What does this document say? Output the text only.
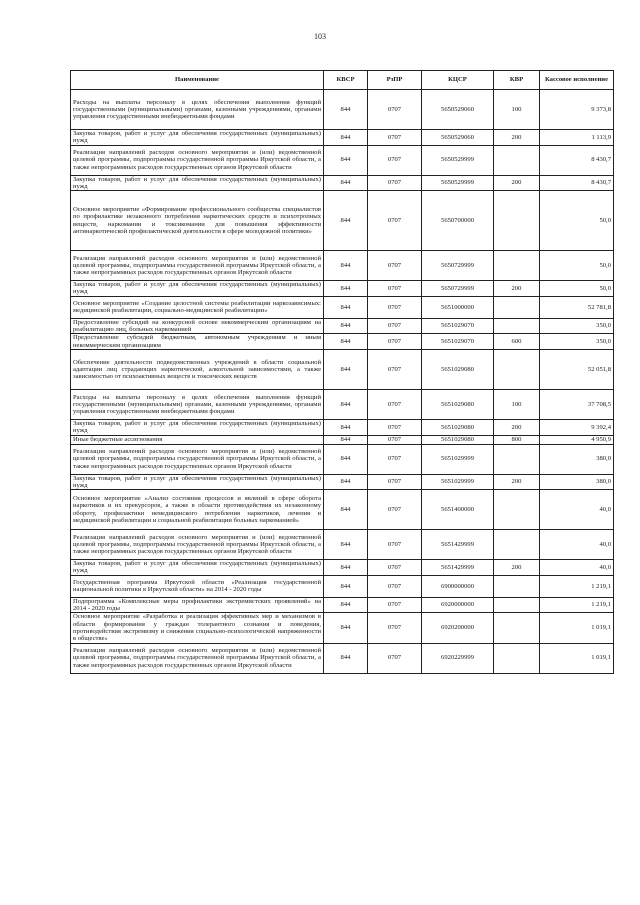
103
Наименование	КВСР	РзПР	КЦСР	КВР	Кассовое исполнение
Расходы на выплаты персоналу в целях обеспечения выполнения функций государственными (муниципальными) органами, казенными учреждениями, органами управления государственными внебюджетными фондами	844	0707	5650529060	100	9 373,8
Закупка товаров, работ и услуг для обеспечения государственных (муниципальных) нужд	844	0707	5650529060	200	1 113,9
Реализация направлений расходов основного мероприятия и (или) ведомственной целевой программы, подпрограммы государственной программы Иркутской области, а также непрограммных расходов государственных органов Иркутской области	844	0707	5650529999		8 430,7
Закупка товаров, работ и услуг для обеспечения государственных (муниципальных) нужд	844	0707	5650529999	200	8 430,7
Основное мероприятие «Формирование профессионального сообщества специалистов по профилактике незаконного потребления наркотических средств и психотропных веществ, наркомании и токсикомании для повышения эффективности антинаркотической профилактической деятельности в сфере молодежной политики»	844	0707	5650700000		50,0
Реализация направлений расходов основного мероприятия и (или) ведомственной целевой программы, подпрограммы государственной программы Иркутской области, а также непрограммных расходов государственных органов Иркутской области	844	0707	5650729999		50,0
Закупка товаров, работ и услуг для обеспечения государственных (муниципальных) нужд	844	0707	5650729999	200	50,0
Основное мероприятие «Создание целостной системы реабилитации наркозависимых: медицинской реабилитации, социально-медицинской реабилитации»	844	0707	5651000000		52 781,8
Предоставление субсидий на конкурсной основе некоммерческим организациям на реабилитацию лиц, больных наркоманией	844	0707	5651029070		350,0
Предоставление субсидий бюджетным, автономным учреждениям и иным некоммерческим организациям	844	0707	5651029070	600	350,0
Обеспечение деятельности подведомственных учреждений в области социальной адаптации лиц страдающих наркотической, алкогольной зависимостями, а также зависимостью от психоактивных веществ и токсических веществ	844	0707	5651029080		52 051,8
Расходы на выплаты персоналу в целях обеспечения выполнения функций государственными (муниципальными) органами, казенными учреждениями, органами управления государственными внебюджетными фондами	844	0707	5651029080	100	37 708,5
Закупка товаров, работ и услуг для обеспечения государственных (муниципальных) нужд	844	0707	5651029080	200	9 392,4
Иные бюджетные ассигнования	844	0707	5651029080	800	4 950,9
Реализация направлений расходов основного мероприятия и (или) ведомственной целевой программы, подпрограммы государственной программы Иркутской области, а также непрограммных расходов государственных органов Иркутской области	844	0707	5651029999		380,0
Закупка товаров, работ и услуг для обеспечения государственных (муниципальных) нужд	844	0707	5651029999	200	380,0
Основное мероприятие «Анализ состояния процессов и явлений в сфере оборота наркотиков и их прекурсоров, а также в области противодействия их незаконному обороту, профилактики немедицинского потребления наркотиков, лечения и медицинской реабилитации и социальной реабилитации больных наркоманией»	844	0707	5651400000		40,0
Реализация направлений расходов основного мероприятия и (или) ведомственной целевой программы, подпрограммы государственной программы Иркутской области, а также непрограммных расходов государственных органов Иркутской области	844	0707	5651429999		40,0
Закупка товаров, работ и услуг для обеспечения государственных (муниципальных) нужд	844	0707	5651429999	200	40,0
Государственная программа Иркутской области «Реализация государственной национальной политики в Иркутской области» на 2014 - 2020 годы	844	0707	6900000000		1 219,1
Подпрограмма «Комплексные меры профилактики экстремистских проявлений» на 2014 - 2020 годы	844	0707	6920000000		1 219,1
Основное мероприятие «Разработка и реализация эффективных мер и механизмов в области формирования у граждан толерантного сознания и поведения, противодействия экстремизму и снижения социально-психологической напряженности в обществе»	844	0707	6920200000		1 019,1
Реализация направлений расходов основного мероприятия и (или) ведомственной целевой программы, подпрограммы государственной программы Иркутской области, а также непрограммных расходов государственных органов Иркутской области	844	0707	6920229999		1 019,1
